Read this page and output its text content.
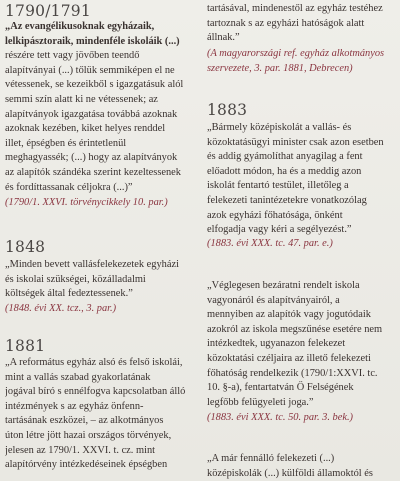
1790/1791
„Az evangélikusoknak egyházaik,
lelkipásztoraik, mindenféle iskoláik (...)
részére tett vagy jövőben teendő
alapítványai (...) tőlük semmiképen el ne
vétessenek, se kezeikből s igazgatásuk alól
semmi szín alatt ki ne vétessenek; az
alapítványok igazgatása továbbá azoknak
azoknak kezében, kiket helyes renddel
illet, épségben és érintetlenül
meghagyassék; (...) hogy az alapítványok
az alapítók szándéka szerint kezeltessenek
és fordíttassanak céljokra (...)”
(1790/1. XXVI. törvénycikkely 10. par.)
1848
„Minden bevett vallásfelekezetek egyházi
és iskolai szükségei, közálladalmi
költségek által fedeztessenek.”
(1848. évi XX. tcz., 3. par.)
1881
„A református egyház alsó és felső iskolái,
mint a vallás szabad gyakorlatának
jogával bíró s ennélfogva kapcsolatban álló
intézmények s az egyház önfenn-
tartásának eszközei, – az alkotmányos
úton létre jött hazai országos törvények,
jelesen az 1790/1. XXVI. t. cz. mint
alapítórvény intézkedéseinek épségben
tartásával, mindenestől az egyház testéhez
tartoznak s az egyházi hatóságok alatt
állnak.”
(A magyarországi ref. egyház alkotmányos
szervezete, 3. par. 1881, Debrecen)
1883
„Bármely középiskolát a vallás- és
közoktatásügyi minister csak azon esetben
és addig gyámolíthat anyagilag a fent
előadott módon, ha és a meddig azon
iskolát fentartó testület, illetőleg a
felekezeti tanintézetekre vonatkozólag
azok egyházi főhatósága, önként
elfogadja vagy kéri a segélyezést.”
(1883. évi XXX. tc. 47. par. e.)
„Véglegesen bezáratni rendelt iskola
vagyonáról és alapítványairól, a
mennyiben az alapítók vagy jogutódaik
azokról az iskola megszűnése esetére nem
intézkedtek, ugyanazon felekezet
közoktatási czéljaira az illető felekezeti
főhatóság rendelkezik (1790/1:XXVI. tc.
10. §-a), fentartatván Ő Felségének
legfőbb felügyeleti joga.”
(1883. évi XXX. tc. 50. par. 3. bek.)
„A már fennálló felekezeti (...)
középiskolák (...) külföldi államoktól és
